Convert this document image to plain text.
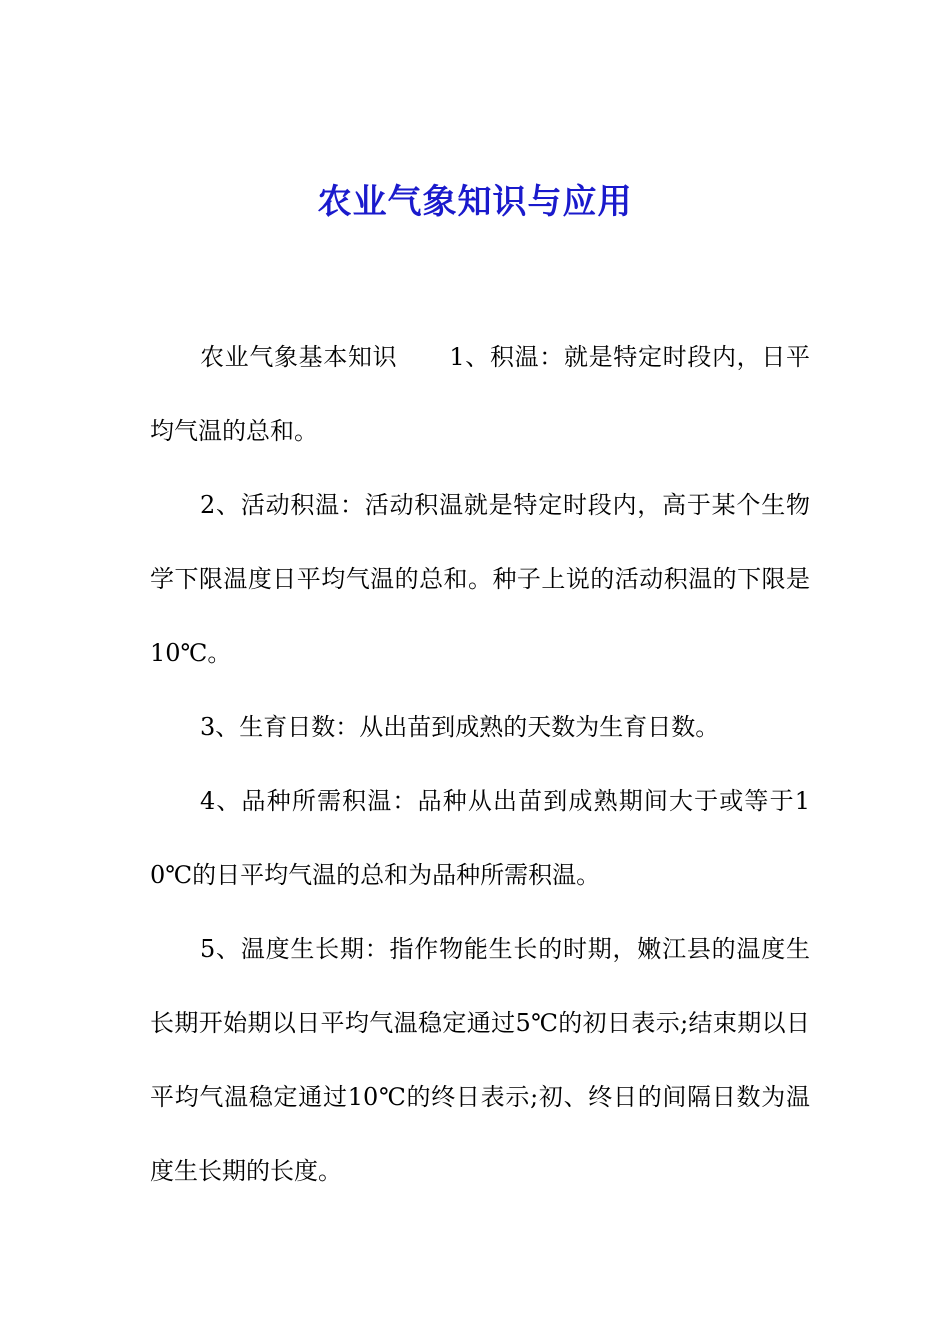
农业气象知识与应用

农业气象基本知识 1、积温：就是特定时段内，日平均气温的总和。

2、活动积温：活动积温就是特定时段内，高于某个生物学下限温度日平均气温的总和。种子上说的活动积温的下限是10℃。

3、生育日数：从出苗到成熟的天数为生育日数。

4、品种所需积温：品种从出苗到成熟期间大于或等于10℃的日平均气温的总和为品种所需积温。

5、温度生长期：指作物能生长的时期，嫩江县的温度生长期开始期以日平均气温稳定通过5℃的初日表示;结束期以日平均气温稳定通过10℃的终日表示;初、终日的间隔日数为温度生长期的长度。
